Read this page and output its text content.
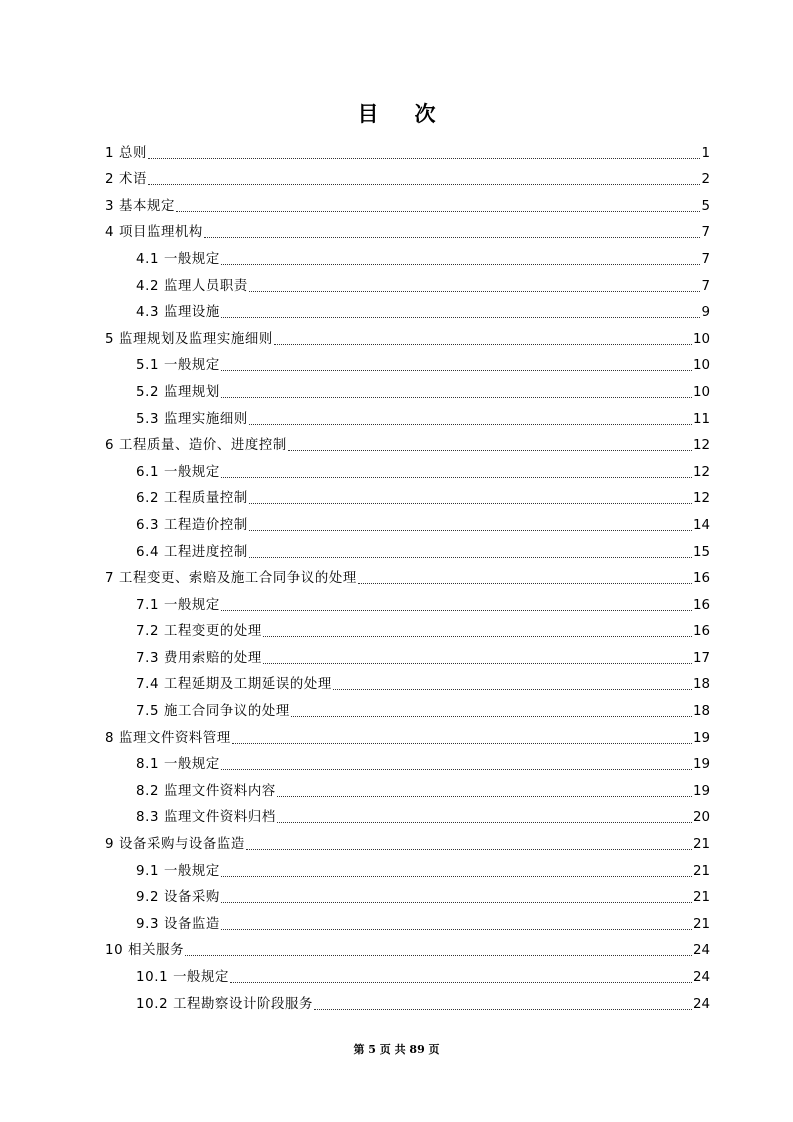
目 次
1 总则	1
2 术语	2
3 基本规定	5
4 项目监理机构	7
4.1 一般规定	7
4.2 监理人员职责	7
4.3 监理设施	9
5 监理规划及监理实施细则	10
5.1 一般规定	10
5.2 监理规划	10
5.3 监理实施细则	11
6 工程质量、造价、进度控制	12
6.1 一般规定	12
6.2 工程质量控制	12
6.3 工程造价控制	14
6.4 工程进度控制	15
7 工程变更、索赔及施工合同争议的处理	16
7.1 一般规定	16
7.2 工程变更的处理	16
7.3 费用索赔的处理	17
7.4 工程延期及工期延误的处理	18
7.5 施工合同争议的处理	18
8 监理文件资料管理	19
8.1 一般规定	19
8.2 监理文件资料内容	19
8.3 监理文件资料归档	20
9 设备采购与设备监造	21
9.1 一般规定	21
9.2 设备采购	21
9.3 设备监造	21
10 相关服务	24
10.1 一般规定	24
10.2 工程勘察设计阶段服务	24
第 5 页 共 89 页
